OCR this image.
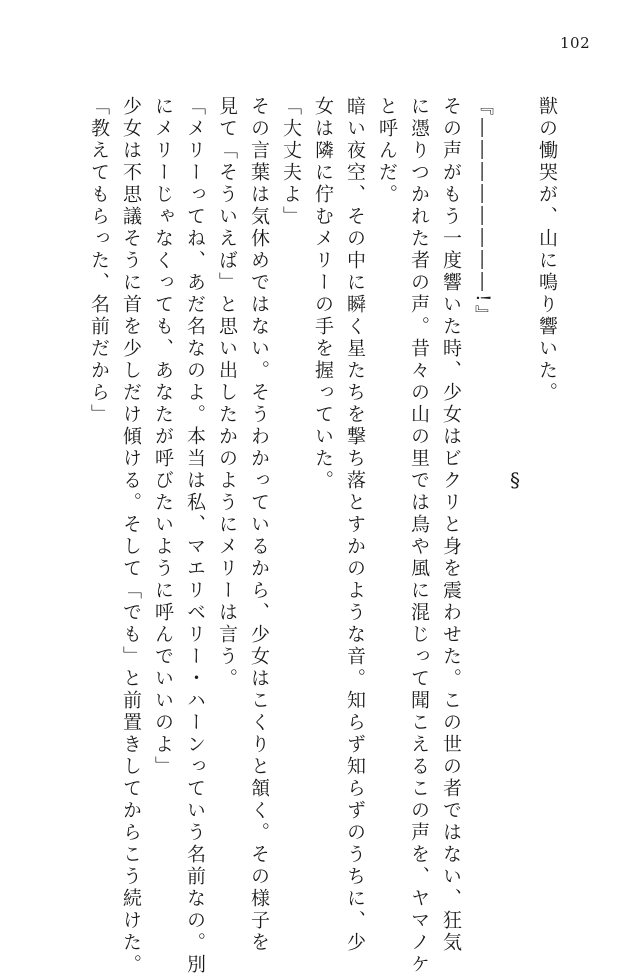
102
獣の慟哭が、山に鳴り響いた。
§
『――――――――!』
その声がもう一度響いた時、少女はビクリと身を震わせた。この世の者ではない、狂気
に憑りつかれた者の声。昔々の山の里では鳥や風に混じって聞こえるこの声を、ヤマノケ
と呼んだ。
暗い夜空、その中に瞬く星たちを撃ち落とすかのような音。知らず知らずのうちに、少
女は隣に佇むメリーの手を握っていた。
「大丈夫よ」
その言葉は気休めではない。そうわかっているから、少女はこくりと頷く。その様子を
見て「そういえば」と思い出したかのようにメリーは言う。
「メリーってね、あだ名なのよ。本当は私、マエリベリー・ハーンっていう名前なの。別
にメリーじゃなくっても、あなたが呼びたいように呼んでいいのよ」
少女は不思議そうに首を少しだけ傾ける。そして「でも」と前置きしてからこう続けた。
「教えてもらった、名前だから」
